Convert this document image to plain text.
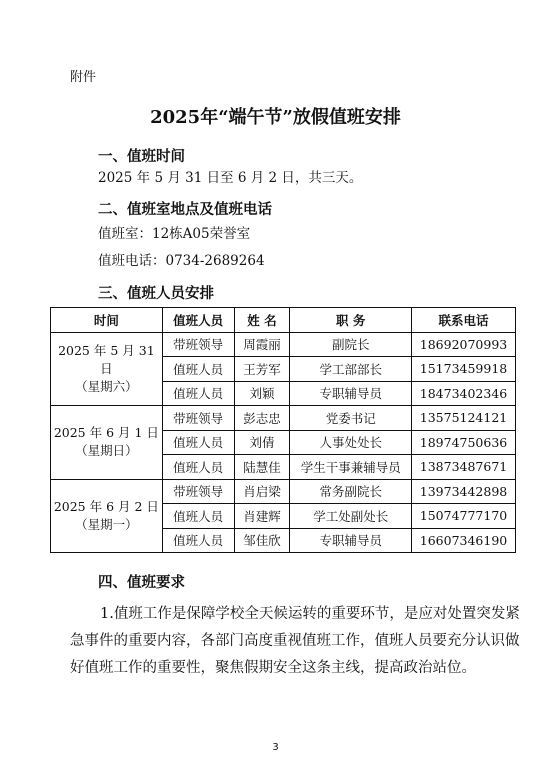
附件
2025年“端午节”放假值班安排
一、值班时间
2025 年 5 月 31 日至 6 月 2 日，共三天。
二、值班室地点及值班电话
值班室：12栋A05荣誉室
值班电话：0734-2689264
三、值班人员安排
时间	值班人员	姓 名	职 务	联系电话

2025 年 5 月 31 日
（星期六）	带班领导	周霞丽	副院长	18692070993
	值班人员	王芳军	学工部部长	15173459918
	值班人员	刘颖	专职辅导员	18473402346

2025 年 6 月 1 日
（星期日）	带班领导	彭志忠	党委书记	13575124121
	值班人员	刘倩	人事处处长	18974750636
	值班人员	陆慧佳	学生干事兼辅导员	13873487671

2025 年 6 月 2 日
（星期一）	带班领导	肖启梁	常务副院长	13973442898
	值班人员	肖建辉	学工处副处长	15074777170
	值班人员	邹佳欣	专职辅导员	16607346190
四、值班要求
1.值班工作是保障学校全天候运转的重要环节，是应对处置突发紧急事件的重要内容，各部门高度重视值班工作，值班人员要充分认识做好值班工作的重要性，聚焦假期安全这条主线，提高政治站位。
3
